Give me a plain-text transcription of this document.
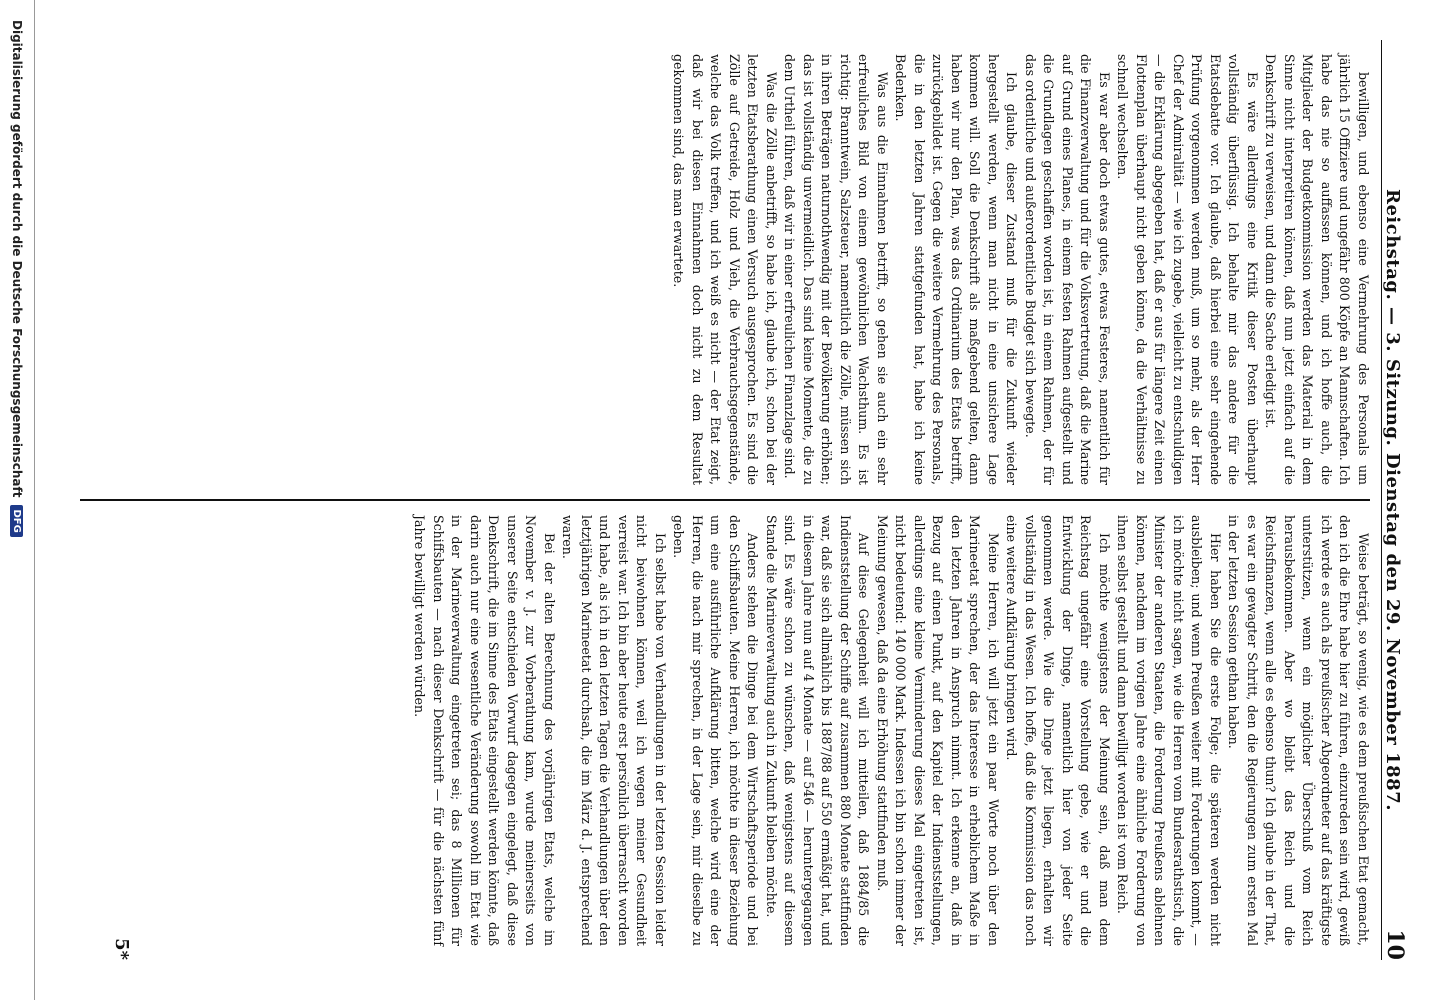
Reichstag. — 3. Sitzung. Dienstag den 29. November 1887.
10

bewilligen, und ebenso eine Vermehrung des Personals um jährlich 15 Offiziere und ungefähr 800 Köpfe an Mannschaften. Ich habe das nie so auffassen können, und ich hoffe auch, die Mitglieder der Budgetkommission werden das Material in dem Sinne nicht interpretiren können, daß nun jetzt einfach auf die Denkschrift zu verweisen, und dann die Sache erledigt ist.

Es wäre allerdings eine Kritik dieser Posten überhaupt vollständig überflüssig. Ich behalte mir das andere für die Etatsdebatte vor. Ich glaube, daß hierbei eine sehr eingehende Prüfung vorgenommen werden muß, um so mehr, als der Herr Chef der Admiralität — wie ich zugebe, vielleicht zu entschuldigen — die Erklärung abgegeben hat, daß er aus für längere Zeit einen Flottenplan überhaupt nicht geben könne, da die Verhältnisse zu schnell wechselten.

Es war aber doch etwas gutes, etwas Festeres, namentlich für die Finanzverwaltung und für die Volksvertretung, daß die Marine auf Grund eines Planes, in einem festen Rahmen aufgestellt und die Grundlagen geschaffen worden ist, in einem Rahmen, der für das ordentliche und außerordentliche Budget sich bewegte.

Ich glaube, dieser Zustand muß für die Zukunft wieder hergestellt werden, wenn man nicht in eine unsichere Lage kommen will. Soll die Denkschrift als maßgebend gelten, dann haben wir nur den Plan, was das Ordinarium des Etats betrifft, zurückgebildet ist. Gegen die weitere Vermehrung des Personals, die in den letzten Jahren stattgefunden hat, habe ich keine Bedenken.

Was aus die Einnahmen betrifft, so gehen sie auch ein sehr erfreuliches Bild von einem gewöhnlichen Wachsthum. Es ist richtig: Branntwein, Salzsteuer, namentlich die Zölle, müssen sich in ihren Beträgen naturnothwendig mit der Bevölkerung erhöhen; das ist vollständig unvermeidlich. Das sind keine Momente, die zu dem Urtheil führen, daß wir in einer erfreulichen Finanzlage sind.

Was die Zölle anbetrifft, so habe ich, glaube ich, schon bei der letzten Etatsberathung einen Versuch ausgesprochen. Es sind die Zölle auf Getreide, Holz und Vieh, die Verbrauchsgegenstände, welche das Volk treffen, und ich weiß es nicht — der Etat zeigt, daß wir bei diesen Einnahmen doch nicht zu dem Resultat gekommen sind, das man erwartete.

Weise beträgt, so wenig, wie es dem preußischen Etat gemacht, den ich die Ehre habe hier zu führen, einzureden sein wird, gewiß ich werde es auch als preußischer Abgeordneter auf das kräftigste unterstützen, wenn ein möglicher Überschuß vom Reich herausbekommen. Aber wo bleibt das Reich und die Reichsfinanzen, wenn alle es ebenso thun? Ich glaube in der That, es war ein gewagter Schritt, den die Regierungen zum ersten Mal in der letzten Session gethan haben.

Hier haben Sie die erste Folge; die späteren werden nicht ausbleiben; und wenn Preußen weiter mit Forderungen kommt, — ich möchte nicht sagen, wie die Herren vom Bundesrathstisch, die Minister der anderen Staaten, die Forderung Preußens ablehnen können, nachdem im vorigen Jahre eine ähnliche Forderung von ihnen selbst gestellt und dann bewilligt worden ist vom Reich.

Ich möchte wenigstens der Meinung sein, daß man dem Reichstag ungefähr eine Vorstellung gebe, wie er und die Entwicklung der Dinge, namentlich hier von jeder Seite genommen werde. Wie die Dinge jetzt liegen, erhalten wir vollständig in das Wesen. Ich hoffe, daß die Kommission das noch eine weitere Aufklärung bringen wird.

Meine Herren, ich will jetzt ein paar Worte noch über den Marineetat sprechen, der das Interesse in erheblichem Maße in den letzten Jahren in Anspruch nimmt. Ich erkenne an, daß in Bezug auf einen Punkt, auf den Kapitel der Indienststellungen, allerdings eine kleine Verminderung dieses Mal eingetreten ist, nicht bedeutend: 140 000 Mark. Indessen ich bin schon immer der Meinung gewesen, daß da eine Erhöhung stattfinden muß.

Auf diese Gelegenheit will ich mitteilen, daß 1884/85 die Indienststellung der Schiffe auf zusammen 880 Monate stattfinden war, daß sie sich allmählich bis 1887/88 auf 550 ermäßigt hat, und in diesem Jahre nun auf 4 Monate — auf 546 — heruntergegangen sind. Es wäre schon zu wünschen, daß wenigstens auf diesem Stande die Marineverwaltung auch in Zukunft bleiben möchte.

Anders stehen die Dinge bei dem Wirtschaftsperiode und bei den Schiffsbauten. Meine Herren, ich möchte in dieser Beziehung um eine ausführliche Aufklärung bitten, welche wird eine der Herren, die nach mir sprechen, in der Lage sein, mir dieselbe zu geben.

Ich selbst habe von Verhandlungen in der letzten Session leider nicht beiwohnen können, weil ich wegen meiner Gesundheit verreist war. Ich bin aber heute erst persönlich überrascht worden und habe, als ich in den letzten Tagen die Verhandlungen über den letztjährigen Marineetat durchsah, die im März d. J. entsprechend waren.

Bei der alten Berechnung des vorjährigen Etats, welche im November v. J. zur Vorberathung kam, wurde meinerseits von unserer Seite entschieden Vorwurf dagegen eingelegt, daß diese Denkschrift, die im Sinne des Etats eingestellt werden könnte, daß darin auch nur eine wesentliche Veränderung sowohl im Etat wie in der Marineverwaltung eingetreten sei; das 8 Millionen für Schiffsbauten — nach dieser Denkschrift — für die nächsten fünf Jahre bewilligt werden würden.

5*
Digitalisierung gefördert durch die Deutsche Forschungsgemeinschaft
DFG
